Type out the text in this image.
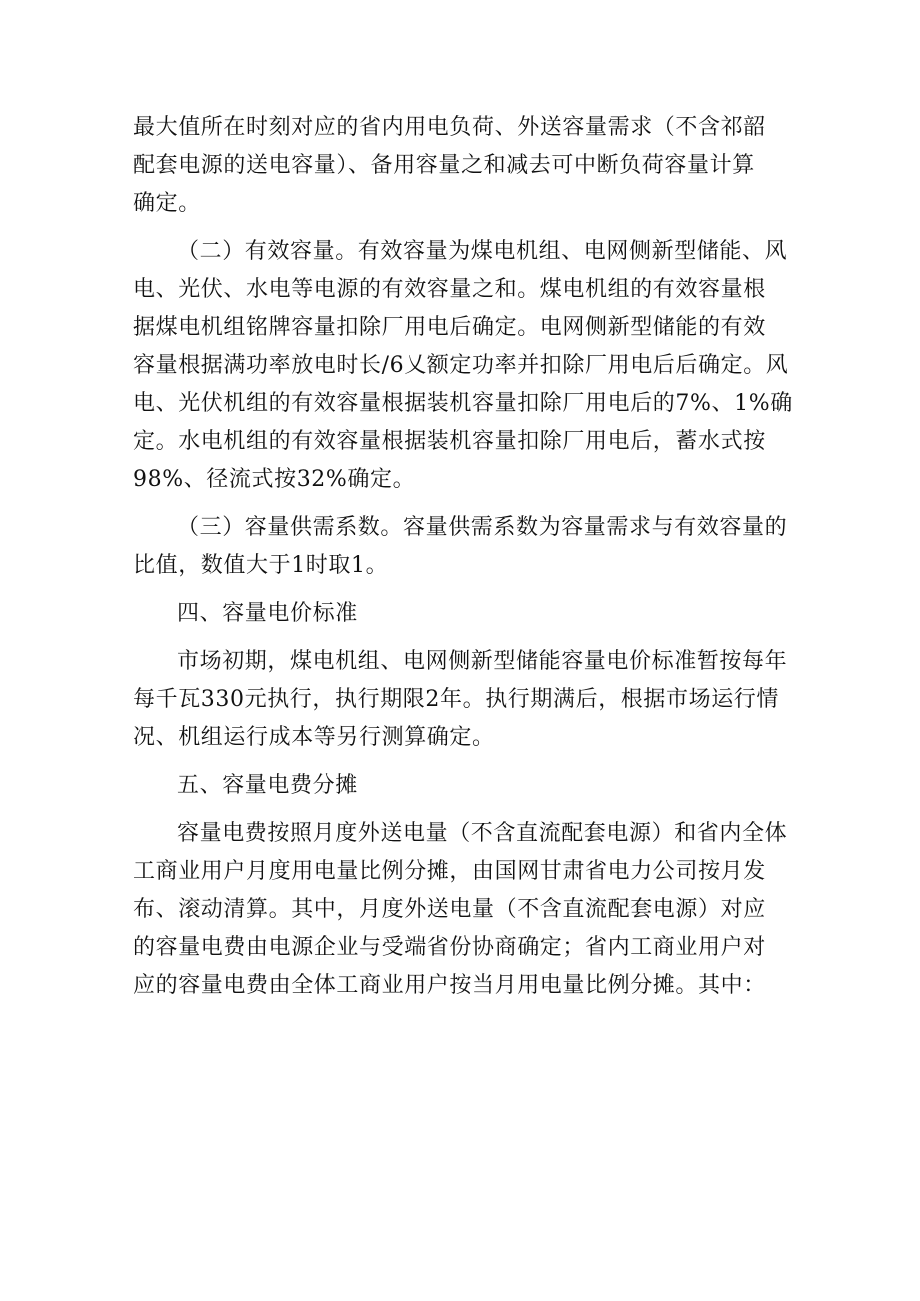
最大值所在时刻对应的省内用电负荷、外送容量需求（不含祁韶
配套电源的送电容量）、备用容量之和减去可中断负荷容量计算
确定。

（二）有效容量。有效容量为煤电机组、电网侧新型储能、风
电、光伏、水电等电源的有效容量之和。煤电机组的有效容量根
据煤电机组铭牌容量扣除厂用电后确定。电网侧新型储能的有效
容量根据满功率放电时长/6乂额定功率并扣除厂用电后后确定。风
电、光伏机组的有效容量根据装机容量扣除厂用电后的7%、1%确
定。水电机组的有效容量根据装机容量扣除厂用电后，蓄水式按
98%、径流式按32%确定。

（三）容量供需系数。容量供需系数为容量需求与有效容量的
比值，数值大于1时取1。

四、容量电价标准

市场初期，煤电机组、电网侧新型储能容量电价标准暂按每年
每千瓦330元执行，执行期限2年。执行期满后，根据市场运行情
况、机组运行成本等另行测算确定。

五、容量电费分摊

容量电费按照月度外送电量（不含直流配套电源）和省内全体
工商业用户月度用电量比例分摊，由国网甘肃省电力公司按月发
布、滚动清算。其中，月度外送电量（不含直流配套电源）对应
的容量电费由电源企业与受端省份协商确定；省内工商业用户对
应的容量电费由全体工商业用户按当月用电量比例分摊。其中：
